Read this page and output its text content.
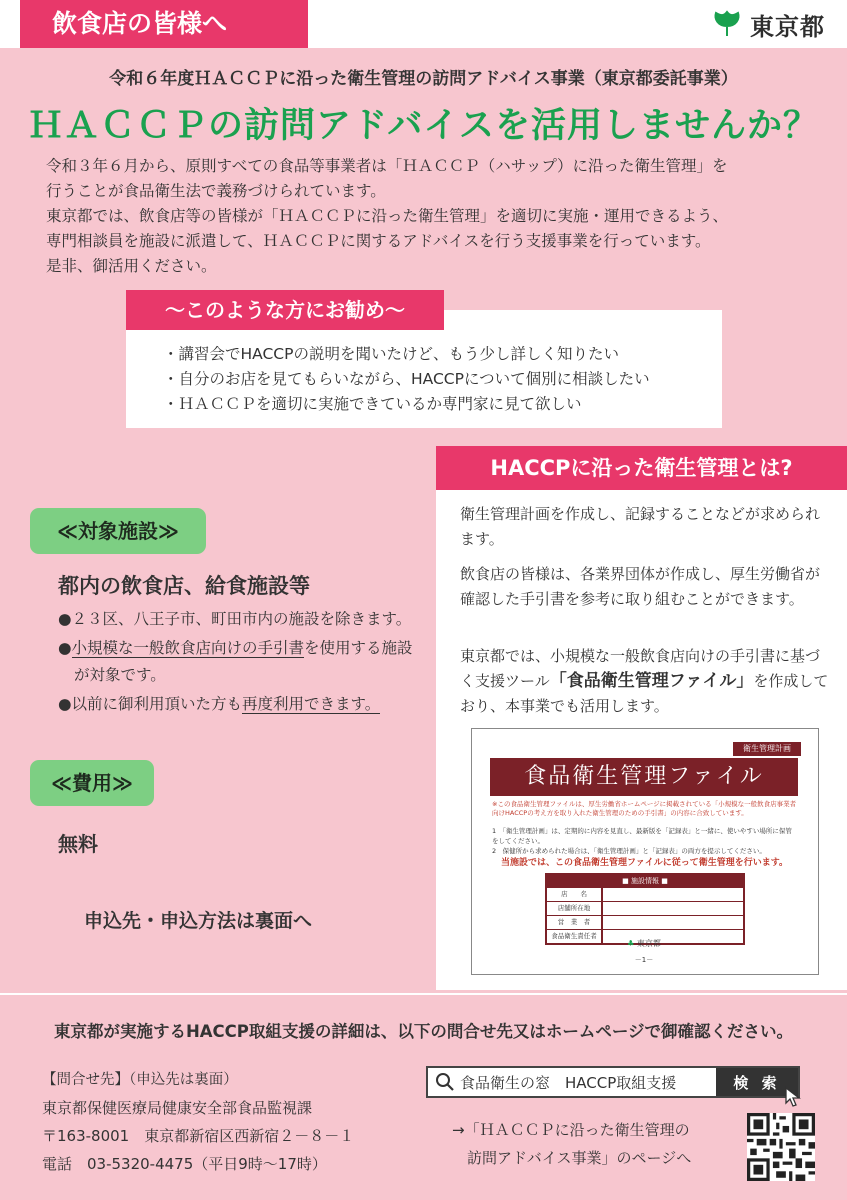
飲食店の皆様へ	東京都
令和６年度ＨＡＣＣＰに沿った衛生管理の訪問アドバイス事業（東京都委託事業）
ＨＡＣＣＰの訪問アドバイスを活用しませんか？
令和３年６月から、原則すべての食品等事業者は「ＨＡＣＣＰ（ハサップ）に沿った衛生管理」を
行うことが食品衛生法で義務づけられています。
東京都では、飲食店等の皆様が「ＨＡＣＣＰに沿った衛生管理」を適切に実施・運用できるよう、
専門相談員を施設に派遣して、ＨＡＣＣＰに関するアドバイスを行う支援事業を行っています。
是非、御活用ください。
～このような方にお勧め～
・講習会でHACCPの説明を聞いたけど、もう少し詳しく知りたい
・自分のお店を見てもらいながら、HACCPについて個別に相談したい
・ＨＡＣＣＰを適切に実施できているか専門家に見て欲しい
HACCPに沿った衛生管理とは?
衛生管理計画を作成し、記録することなどが求められます。
飲食店の皆様は、各業界団体が作成し、厚生労働省が確認した手引書を参考に取り組むことができます。
東京都では、小規模な一般飲食店向けの手引書に基づく支援ツール「食品衛生管理ファイル」を作成しており、本事業でも活用します。
衛生管理計画
食品衛生管理ファイル
※この食品衛生管理ファイルは、厚生労働省ホームページに掲載されている「小規模な一般飲食店事業者向けHACCPの考え方を取り入れた衛生管理のための手引書」の内容に合致しています。
1　「衛生管理計画」は、定期的に内容を見直し、最新版を「記録表」と一緒に、使いやすい場所に保管をしてください。
2　保健所から求められた場合は、「衛生管理計画」と「記録表」の両方を提示してください。
当施設では、この食品衛生管理ファイルに従って衛生管理を行います。
■ 施設情報 ■
店　　名
店舗所在地
営　業　者
食品衛生責任者
♣ 東京都
－1－
≪対象施設≫
都内の飲食店、給食施設等
●２３区、八王子市、町田市内の施設を除きます。
●小規模な一般飲食店向けの手引書を使用する施設が対象です。
●以前に御利用頂いた方も再度利用できます。
≪費用≫
無料
申込先・申込方法は裏面へ
東京都が実施するHACCP取組支援の詳細は、以下の問合せ先又はホームページで御確認ください。
【問合せ先】（申込先は裏面）
東京都保健医療局健康安全部食品監視課
〒163-8001　東京都新宿区西新宿２－８－１
電話　03-5320-4475（平日9時～17時）
食品衛生の窓　HACCP取組支援	検 索
→「ＨＡＣＣＰに沿った衛生管理の
　訪問アドバイス事業」のページへ
